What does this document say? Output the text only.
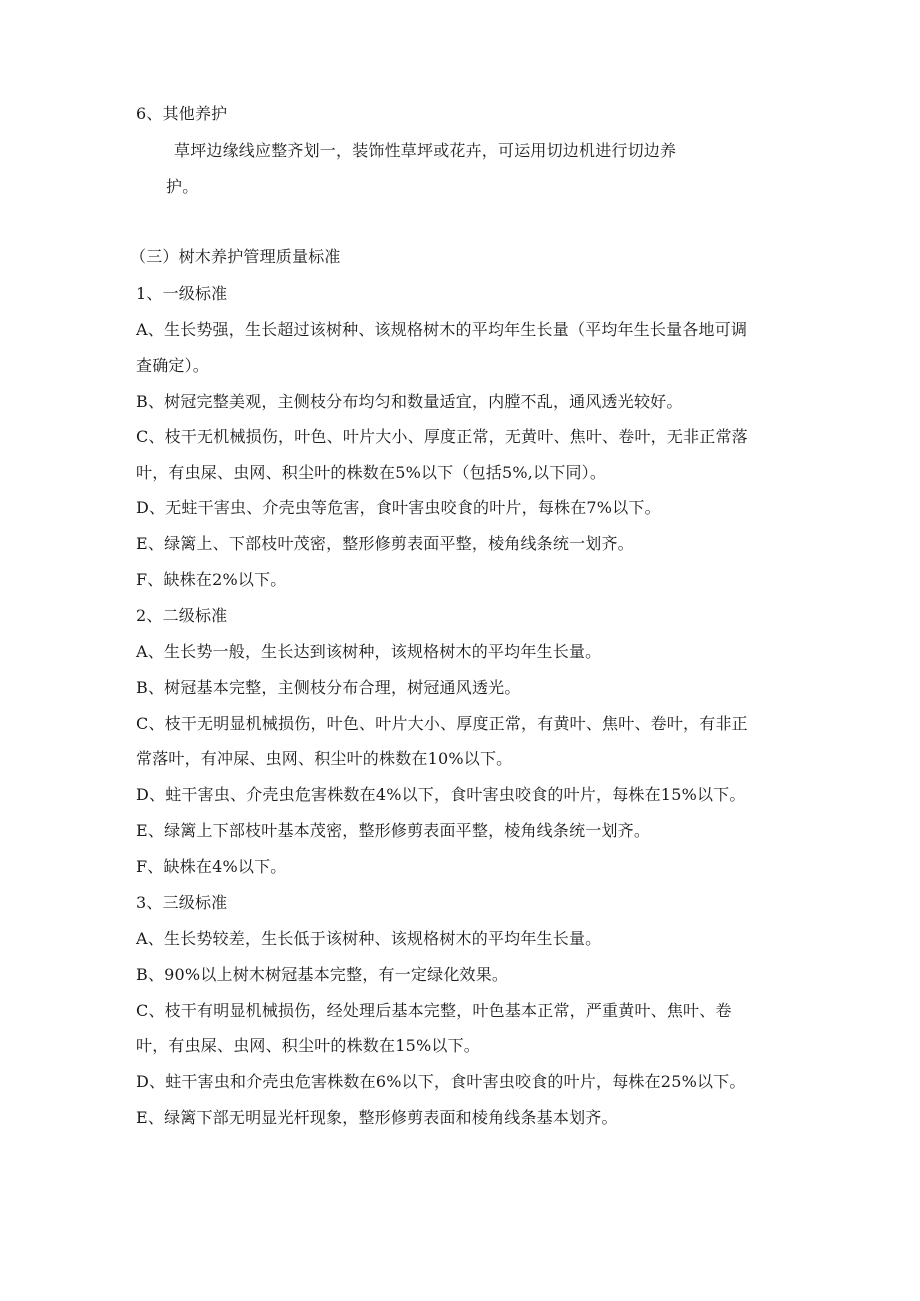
6、其他养护
草坪边缘线应整齐划一，装饰性草坪或花卉，可运用切边机进行切边养
护。
（三）树木养护管理质量标准
1、一级标准
A、生长势强，生长超过该树种、该规格树木的平均年生长量（平均年生长量各地可调
查确定）。
B、树冠完整美观，主侧枝分布均匀和数量适宜，内膛不乱，通风透光较好。
C、枝干无机械损伤，叶色、叶片大小、厚度正常，无黄叶、焦叶、卷叶，无非正常落
叶，有虫屎、虫网、积尘叶的株数在5%以下（包括5%,以下同）。
D、无蛀干害虫、介壳虫等危害，食叶害虫咬食的叶片，每株在7%以下。
E、绿篱上、下部枝叶茂密，整形修剪表面平整，棱角线条统一划齐。
F、缺株在2%以下。
2、二级标准
A、生长势一般，生长达到该树种，该规格树木的平均年生长量。
B、树冠基本完整，主侧枝分布合理，树冠通风透光。
C、枝干无明显机械损伤，叶色、叶片大小、厚度正常，有黄叶、焦叶、卷叶，有非正
常落叶，有冲屎、虫网、积尘叶的株数在10%以下。
D、蛀干害虫、介壳虫危害株数在4%以下，食叶害虫咬食的叶片，每株在15%以下。
E、绿篱上下部枝叶基本茂密，整形修剪表面平整，棱角线条统一划齐。
F、缺株在4%以下。
3、三级标准
A、生长势较差，生长低于该树种、该规格树木的平均年生长量。
B、90%以上树木树冠基本完整，有一定绿化效果。
C、枝干有明显机械损伤，经处理后基本完整，叶色基本正常，严重黄叶、焦叶、卷
叶，有虫屎、虫网、积尘叶的株数在15%以下。
D、蛀干害虫和介壳虫危害株数在6%以下，食叶害虫咬食的叶片，每株在25%以下。
E、绿篱下部无明显光杆现象，整形修剪表面和棱角线条基本划齐。
